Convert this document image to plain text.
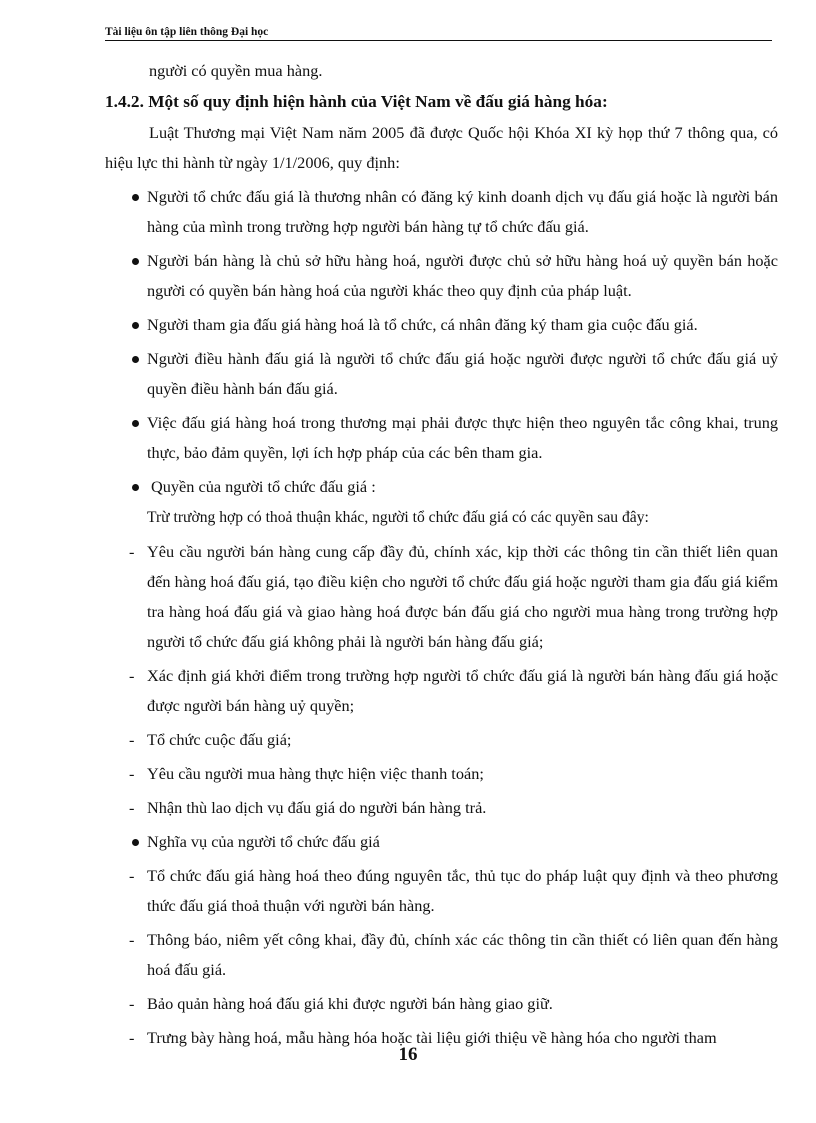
Tài liệu ôn tập liên thông Đại học

người có quyền mua hàng.

1.4.2. Một số quy định hiện hành của Việt Nam về đấu giá hàng hóa:

Luật Thương mại Việt Nam năm 2005 đã được Quốc hội Khóa XI kỳ họp thứ 7 thông qua, có hiệu lực thi hành từ ngày 1/1/2006, quy định:

Người tổ chức đấu giá là thương nhân có đăng ký kinh doanh dịch vụ đấu giá hoặc là người bán hàng của mình trong trường hợp người bán hàng tự tổ chức đấu giá.
Người bán hàng là chủ sở hữu hàng hoá, người được chủ sở hữu hàng hoá uỷ quyền bán hoặc người có quyền bán hàng hoá của người khác theo quy định của pháp luật.
Người tham gia đấu giá hàng hoá là tổ chức, cá nhân đăng ký tham gia cuộc đấu giá.
Người điều hành đấu giá là người tổ chức đấu giá hoặc người được người tổ chức đấu giá uỷ quyền điều hành bán đấu giá.
Việc đấu giá hàng hoá trong thương mại phải được thực hiện theo nguyên tắc công khai, trung thực, bảo đảm quyền, lợi ích hợp pháp của các bên tham gia.
Quyền của người tổ chức đấu giá :
Trừ trường hợp có thoả thuận khác, người tổ chức đấu giá có các quyền sau đây:
- Yêu cầu người bán hàng cung cấp đầy đủ, chính xác, kịp thời các thông tin cần thiết liên quan đến hàng hoá đấu giá, tạo điều kiện cho người tổ chức đấu giá hoặc người tham gia đấu giá kiểm tra hàng hoá đấu giá và giao hàng hoá được bán đấu giá cho người mua hàng trong trường hợp người tổ chức đấu giá không phải là người bán hàng đấu giá;
- Xác định giá khởi điểm trong trường hợp người tổ chức đấu giá là người bán hàng đấu giá hoặc được người bán hàng uỷ quyền;
- Tổ chức cuộc đấu giá;
- Yêu cầu người mua hàng thực hiện việc thanh toán;
- Nhận thù lao dịch vụ đấu giá do người bán hàng trả.
Nghĩa vụ của người tổ chức đấu giá
- Tổ chức đấu giá hàng hoá theo đúng nguyên tắc, thủ tục do pháp luật quy định và theo phương thức đấu giá thoả thuận với người bán hàng.
- Thông báo, niêm yết công khai, đầy đủ, chính xác các thông tin cần thiết có liên quan đến hàng hoá đấu giá.
- Bảo quản hàng hoá đấu giá khi được người bán hàng giao giữ.
- Trưng bày hàng hoá, mẫu hàng hóa hoặc tài liệu giới thiệu về hàng hóa cho người tham
16
